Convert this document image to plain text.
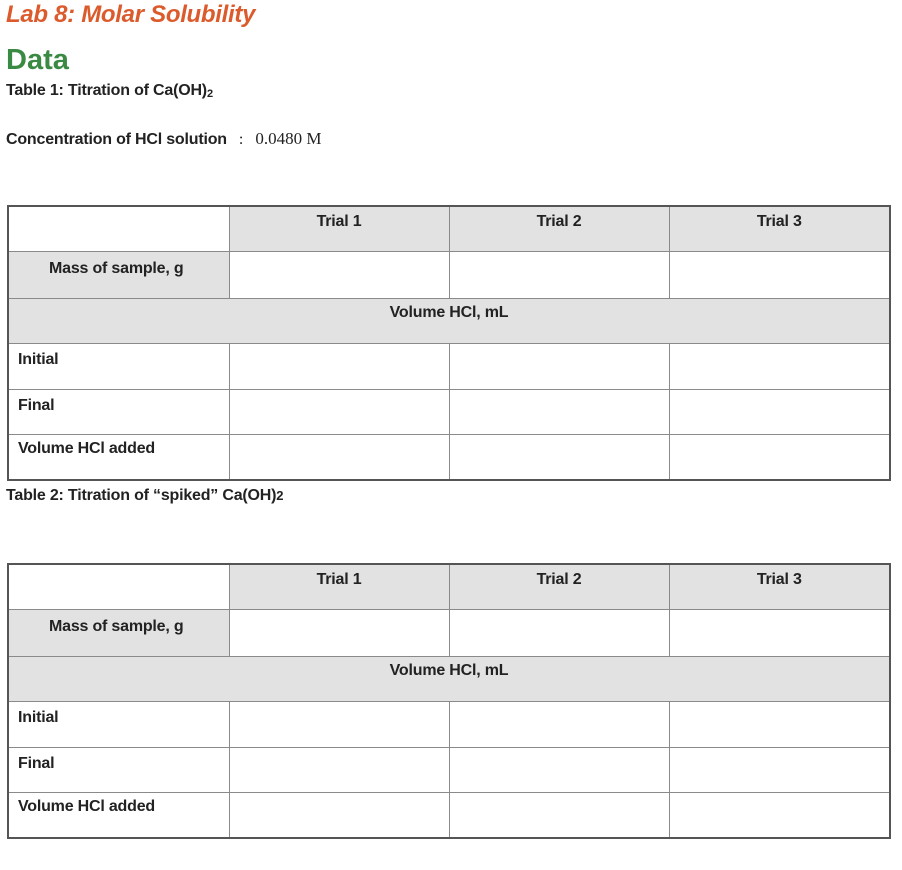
Lab 8: Molar Solubility
Data
Table 1: Titration of $Ca(OH)_2$
Concentration of HCl solution : 0.0480 M

	Trial 1	Trial 2	Trial 3

Mass of sample, g			

Volume HCl, mL			

Initial			

Final			

Volume HCl added			

Table 2: Titration of “spiked” Ca(OH)2

	Trial 1	Trial 2	Trial 3

Mass of sample, g			

Volume HCl, mL			

Initial			

Final			

Volume HCl added			
